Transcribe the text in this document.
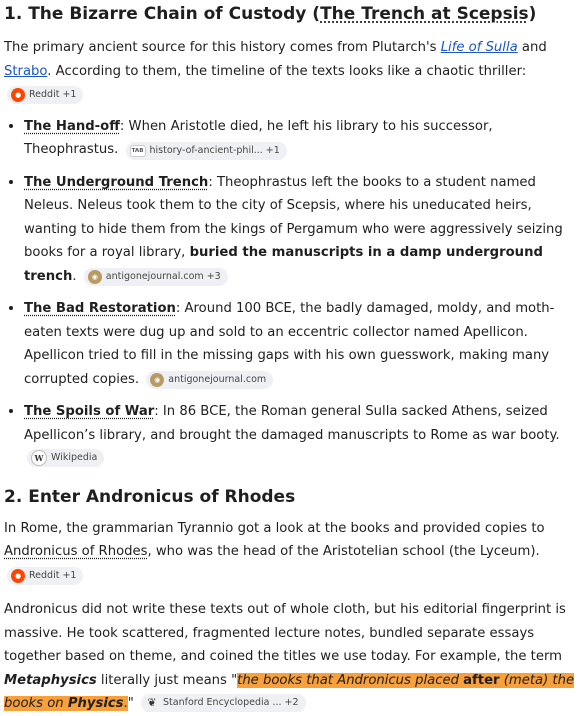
1. The Bizarre Chain of Custody (The Trench at Scepsis)

The primary ancient source for this history comes from Plutarch's Life of Sulla and Strabo. According to them, the timeline of the texts looks like a chaotic thriller:
● Reddit +1

• The Hand-off: When Aristotle died, he left his library to his successor, Theophrastus.	TAB history-of-ancient-phil... +1
• The Underground Trench: Theophrastus left the books to a student named Neleus. Neleus took them to the city of Scepsis, where his uneducated heirs, wanting to hide them from the kings of Pergamum who were aggressively seizing books for a royal library, buried the manuscripts in a damp underground trench.	◉ antigonejournal.com +3
• The Bad Restoration: Around 100 BCE, the badly damaged, moldy, and moth-eaten texts were dug up and sold to an eccentric collector named Apellicon. Apellicon tried to fill in the missing gaps with his own guesswork, making many corrupted copies.	◉ antigonejournal.com
• The Spoils of War: In 86 BCE, the Roman general Sulla sacked Athens, seized Apellicon’s library, and brought the damaged manuscripts to Rome as war booty.
W Wikipedia
2. Enter Andronicus of Rhodes

In Rome, the grammarian Tyrannio got a look at the books and provided copies to Andronicus of Rhodes, who was the head of the Aristotelian school (the Lyceum).
● Reddit +1

Andronicus did not write these texts out of whole cloth, but his editorial fingerprint is massive. He took scattered, fragmented lecture notes, bundled separate essays together based on theme, and coined the titles we use today. For example, the term Metaphysics literally just means "the books that Andronicus placed after (meta) the books on Physics." ❦ Stanford Encyclopedia ... +2
